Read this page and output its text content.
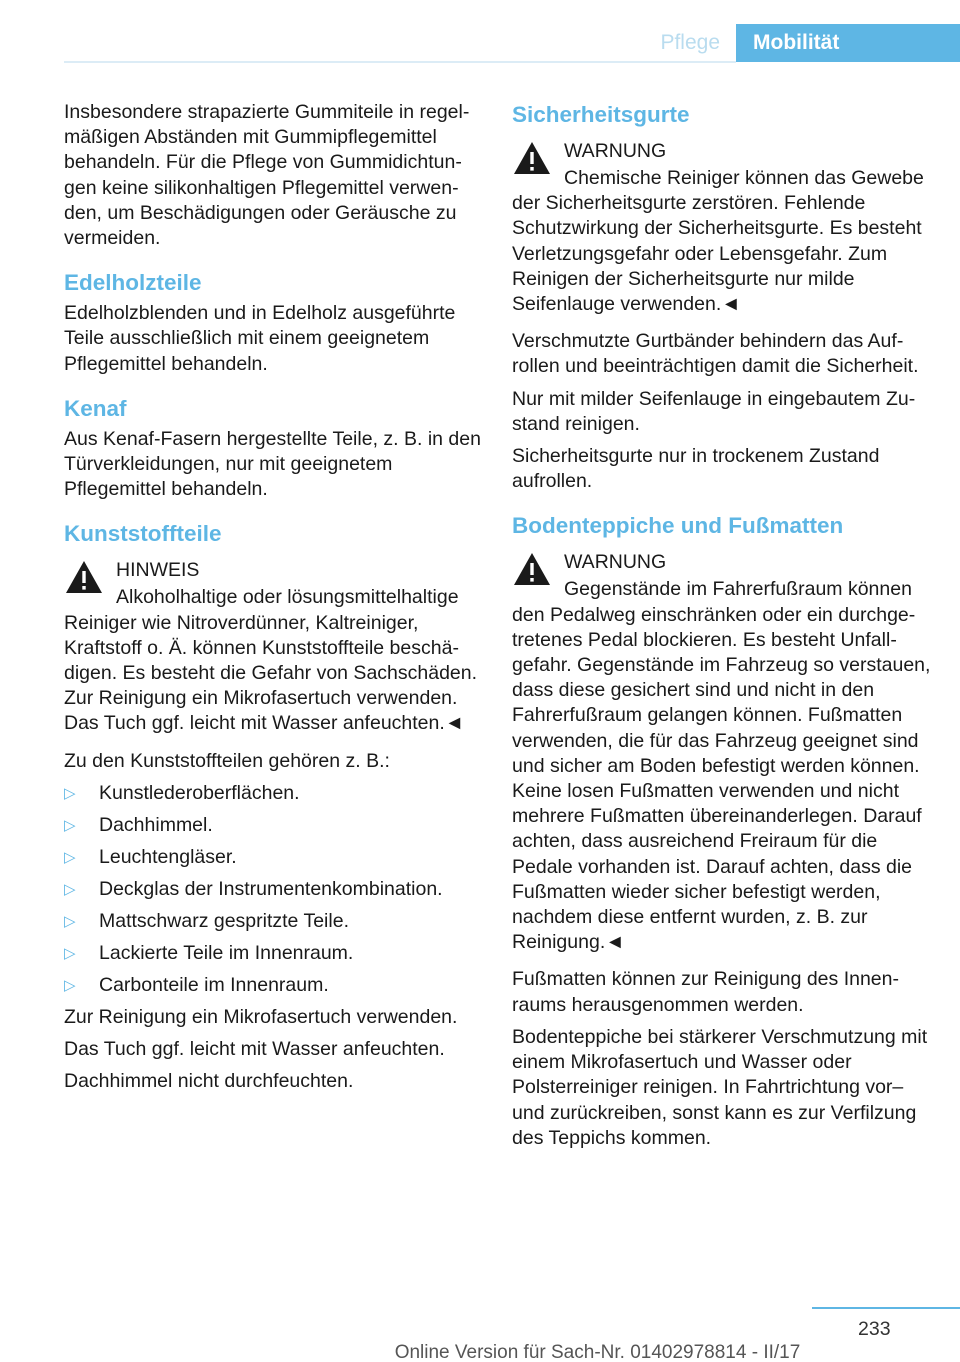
Pflege	Mobilität

Insbesondere strapazierte Gummiteile in regelmäßigen Abständen mit Gummipflegemittel behandeln. Für die Pflege von Gummidichtungen keine silikonhaltigen Pflegemittel verwenden, um Beschädigungen oder Geräusche zu vermeiden.

Edelholzteile

Edelholzblenden und in Edelholz ausgeführte Teile ausschließlich mit einem geeignetem Pflegemittel behandeln.

Kenaf

Aus Kenaf-Fasern hergestellte Teile, z. B. in den Türverkleidungen, nur mit geeignetem Pflegemittel behandeln.

Kunststoffteile
HINWEIS
Alkoholhaltige oder lösungsmittelhaltige Reiniger wie Nitroverdünner, Kaltreiniger, Kraftstoff o. Ä. können Kunststoffteile beschädigen. Es besteht die Gefahr von Sachschäden. Zur Reinigung ein Mikrofasertuch verwenden. Das Tuch ggf. leicht mit Wasser anfeuchten.◄

Zu den Kunststoffteilen gehören z. B.:

▷ Kunstlederoberflächen.
▷ Dachhimmel.
▷ Leuchtengläser.
▷ Deckglas der Instrumentenkombination.
▷ Mattschwarz gespritzte Teile.
▷ Lackierte Teile im Innenraum.
▷ Carbonteile im Innenraum.

Zur Reinigung ein Mikrofasertuch verwenden.

Das Tuch ggf. leicht mit Wasser anfeuchten.

Dachhimmel nicht durchfeuchten.

Sicherheitsgurte
WARNUNG
Chemische Reiniger können das Gewebe der Sicherheitsgurte zerstören. Fehlende Schutzwirkung der Sicherheitsgurte. Es besteht Verletzungsgefahr oder Lebensgefahr. Zum Reinigen der Sicherheitsgurte nur milde Seifenlauge verwenden.◄

Verschmutzte Gurtbänder behindern das Aufrollen und beeinträchtigen damit die Sicherheit.

Nur mit milder Seifenlauge in eingebautem Zustand reinigen.

Sicherheitsgurte nur in trockenem Zustand aufrollen.

Bodenteppiche und Fußmatten
WARNUNG
Gegenstände im Fahrerfußraum können den Pedalweg einschränken oder ein durchgetretenes Pedal blockieren. Es besteht Unfallgefahr. Gegenstände im Fahrzeug so verstauen, dass diese gesichert sind und nicht in den Fahrerfußraum gelangen können. Fußmatten verwenden, die für das Fahrzeug geeignet sind und sicher am Boden befestigt werden können. Keine losen Fußmatten verwenden und nicht mehrere Fußmatten übereinanderlegen. Darauf achten, dass ausreichend Freiraum für die Pedale vorhanden ist. Darauf achten, dass die Fußmatten wieder sicher befestigt werden, nachdem diese entfernt wurden, z. B. zur Reinigung.◄

Fußmatten können zur Reinigung des Innenraums herausgenommen werden.

Bodenteppiche bei stärkerer Verschmutzung mit einem Mikrofasertuch und Wasser oder Polsterreiniger reinigen. In Fahrtrichtung vor– und zurückreiben, sonst kann es zur Verfilzung des Teppichs kommen.

233
Online Version für Sach-Nr. 01402978814 - II/17
